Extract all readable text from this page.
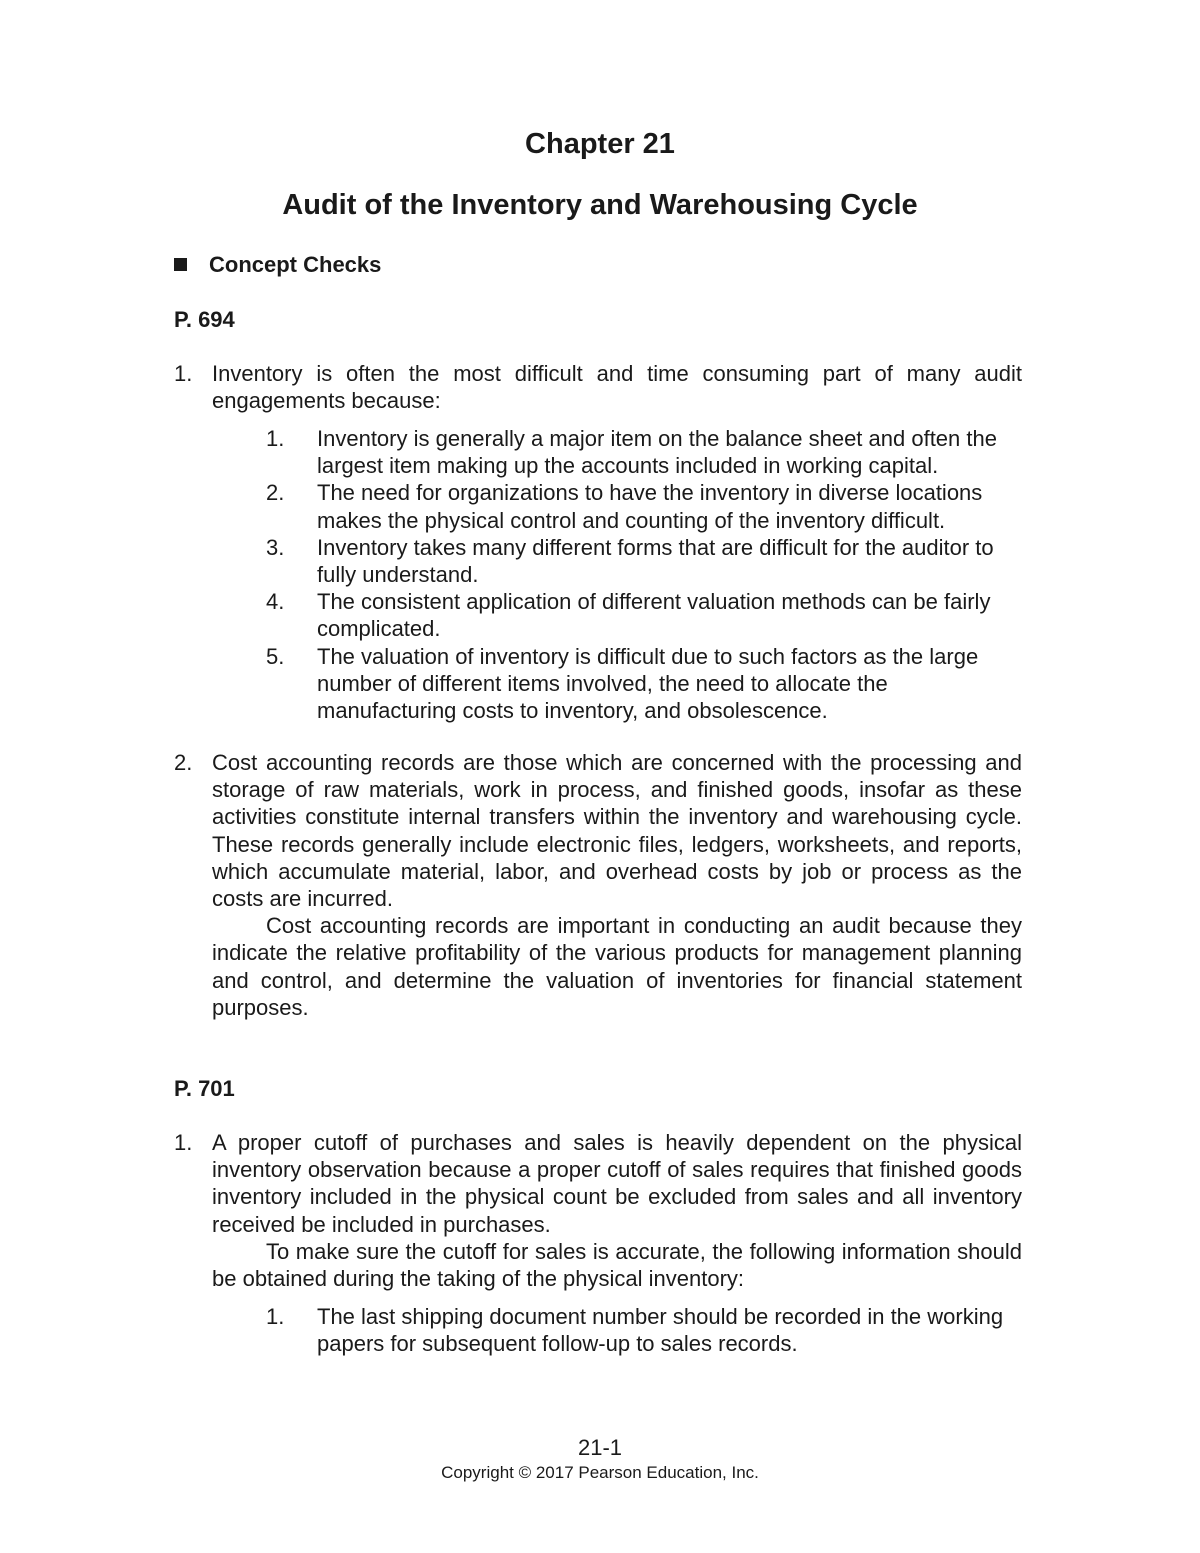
Chapter 21
Audit of the Inventory and Warehousing Cycle
Concept Checks
P. 694
1. Inventory is often the most difficult and time consuming part of many audit engagements because:

1. Inventory is generally a major item on the balance sheet and often the largest item making up the accounts included in working capital.
2. The need for organizations to have the inventory in diverse locations makes the physical control and counting of the inventory difficult.
3. Inventory takes many different forms that are difficult for the auditor to fully understand.
4. The consistent application of different valuation methods can be fairly complicated.
5. The valuation of inventory is difficult due to such factors as the large number of different items involved, the need to allocate the manufacturing costs to inventory, and obsolescence.
2. Cost accounting records are those which are concerned with the processing and storage of raw materials, work in process, and finished goods, insofar as these activities constitute internal transfers within the inventory and warehousing cycle. These records generally include electronic files, ledgers, worksheets, and reports, which accumulate material, labor, and overhead costs by job or process as the costs are incurred.

Cost accounting records are important in conducting an audit because they indicate the relative profitability of the various products for management planning and control, and determine the valuation of inventories for financial statement purposes.

P. 701
1. A proper cutoff of purchases and sales is heavily dependent on the physical inventory observation because a proper cutoff of sales requires that finished goods inventory included in the physical count be excluded from sales and all inventory received be included in purchases.

To make sure the cutoff for sales is accurate, the following information should be obtained during the taking of the physical inventory:

1. The last shipping document number should be recorded in the working papers for subsequent follow-up to sales records.
21-1
Copyright © 2017 Pearson Education, Inc.
